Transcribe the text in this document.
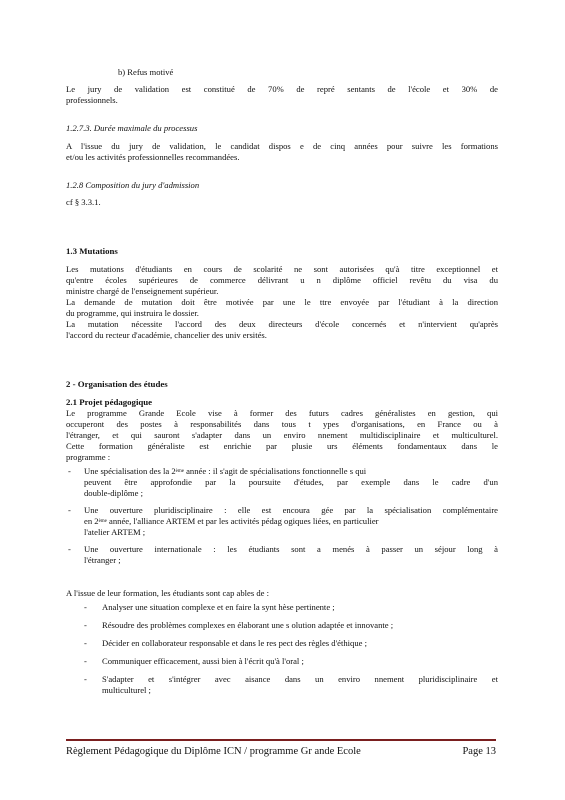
b) Refus motivé
Le jury de validation est constitué de 70% de repré sentants de l'école et 30% de
professionnels.
1.2.7.3. Durée maximale du processus
A l'issue du jury de validation, le candidat dispos e de cinq années pour suivre les formations
et/ou les activités professionnelles recommandées.
1.2.8 Composition du jury d'admission
cf § 3.3.1.
1.3 Mutations
Les mutations d'étudiants en cours de scolarité ne sont autorisées qu'à titre exceptionnel et
qu'entre écoles supérieures de commerce délivrant u n diplôme officiel revêtu du visa du
ministre chargé de l'enseignement supérieur.
La demande de mutation doit être motivée par une le ttre envoyée par l'étudiant à la direction
du programme, qui instruira le dossier.
La mutation nécessite l'accord des deux directeurs d'école concernés et n'intervient qu'après
l'accord du recteur d'académie, chancelier des univ ersités.
2 - Organisation des études
2.1 Projet pédagogique
Le programme Grande Ecole vise à former des futurs cadres généralistes en gestion, qui
occuperont des postes à responsabilités dans tous t ypes d'organisations, en France ou à
l'étranger, et qui sauront s'adapter dans un enviro nnement multidisciplinaire et multiculturel.
Cette formation généraliste est enrichie par plusie urs éléments fondamentaux dans le
programme :
- Une spécialisation des la 2ème année : il s'agit de spécialisations fonctionnelle s qui
peuvent être approfondie par la poursuite d'études, par exemple dans le cadre d'un
double-diplôme ;
- Une ouverture pluridisciplinaire : elle est encoura gée par la spécialisation complémentaire
en 2ème année, l'alliance ARTEM et par les activités pédag ogiques liées, en particulier
l'atelier ARTEM ;
- Une ouverture internationale : les étudiants sont a menés à passer un séjour long à
l'étranger ;
A l'issue de leur formation, les étudiants sont cap ables de :
- Analyser une situation complexe et en faire la synt hèse pertinente ;
- Résoudre des problèmes complexes en élaborant une s olution adaptée et innovante ;
- Décider en collaborateur responsable et dans le res pect des règles d'éthique ;
- Communiquer efficacement, aussi bien à l'écrit qu'à l'oral ;
- S'adapter et s'intégrer avec aisance dans un enviro nnement pluridisciplinaire et
multiculturel ;
Règlement Pédagogique du Diplôme ICN / programme Gr ande Ecole	Page 13
